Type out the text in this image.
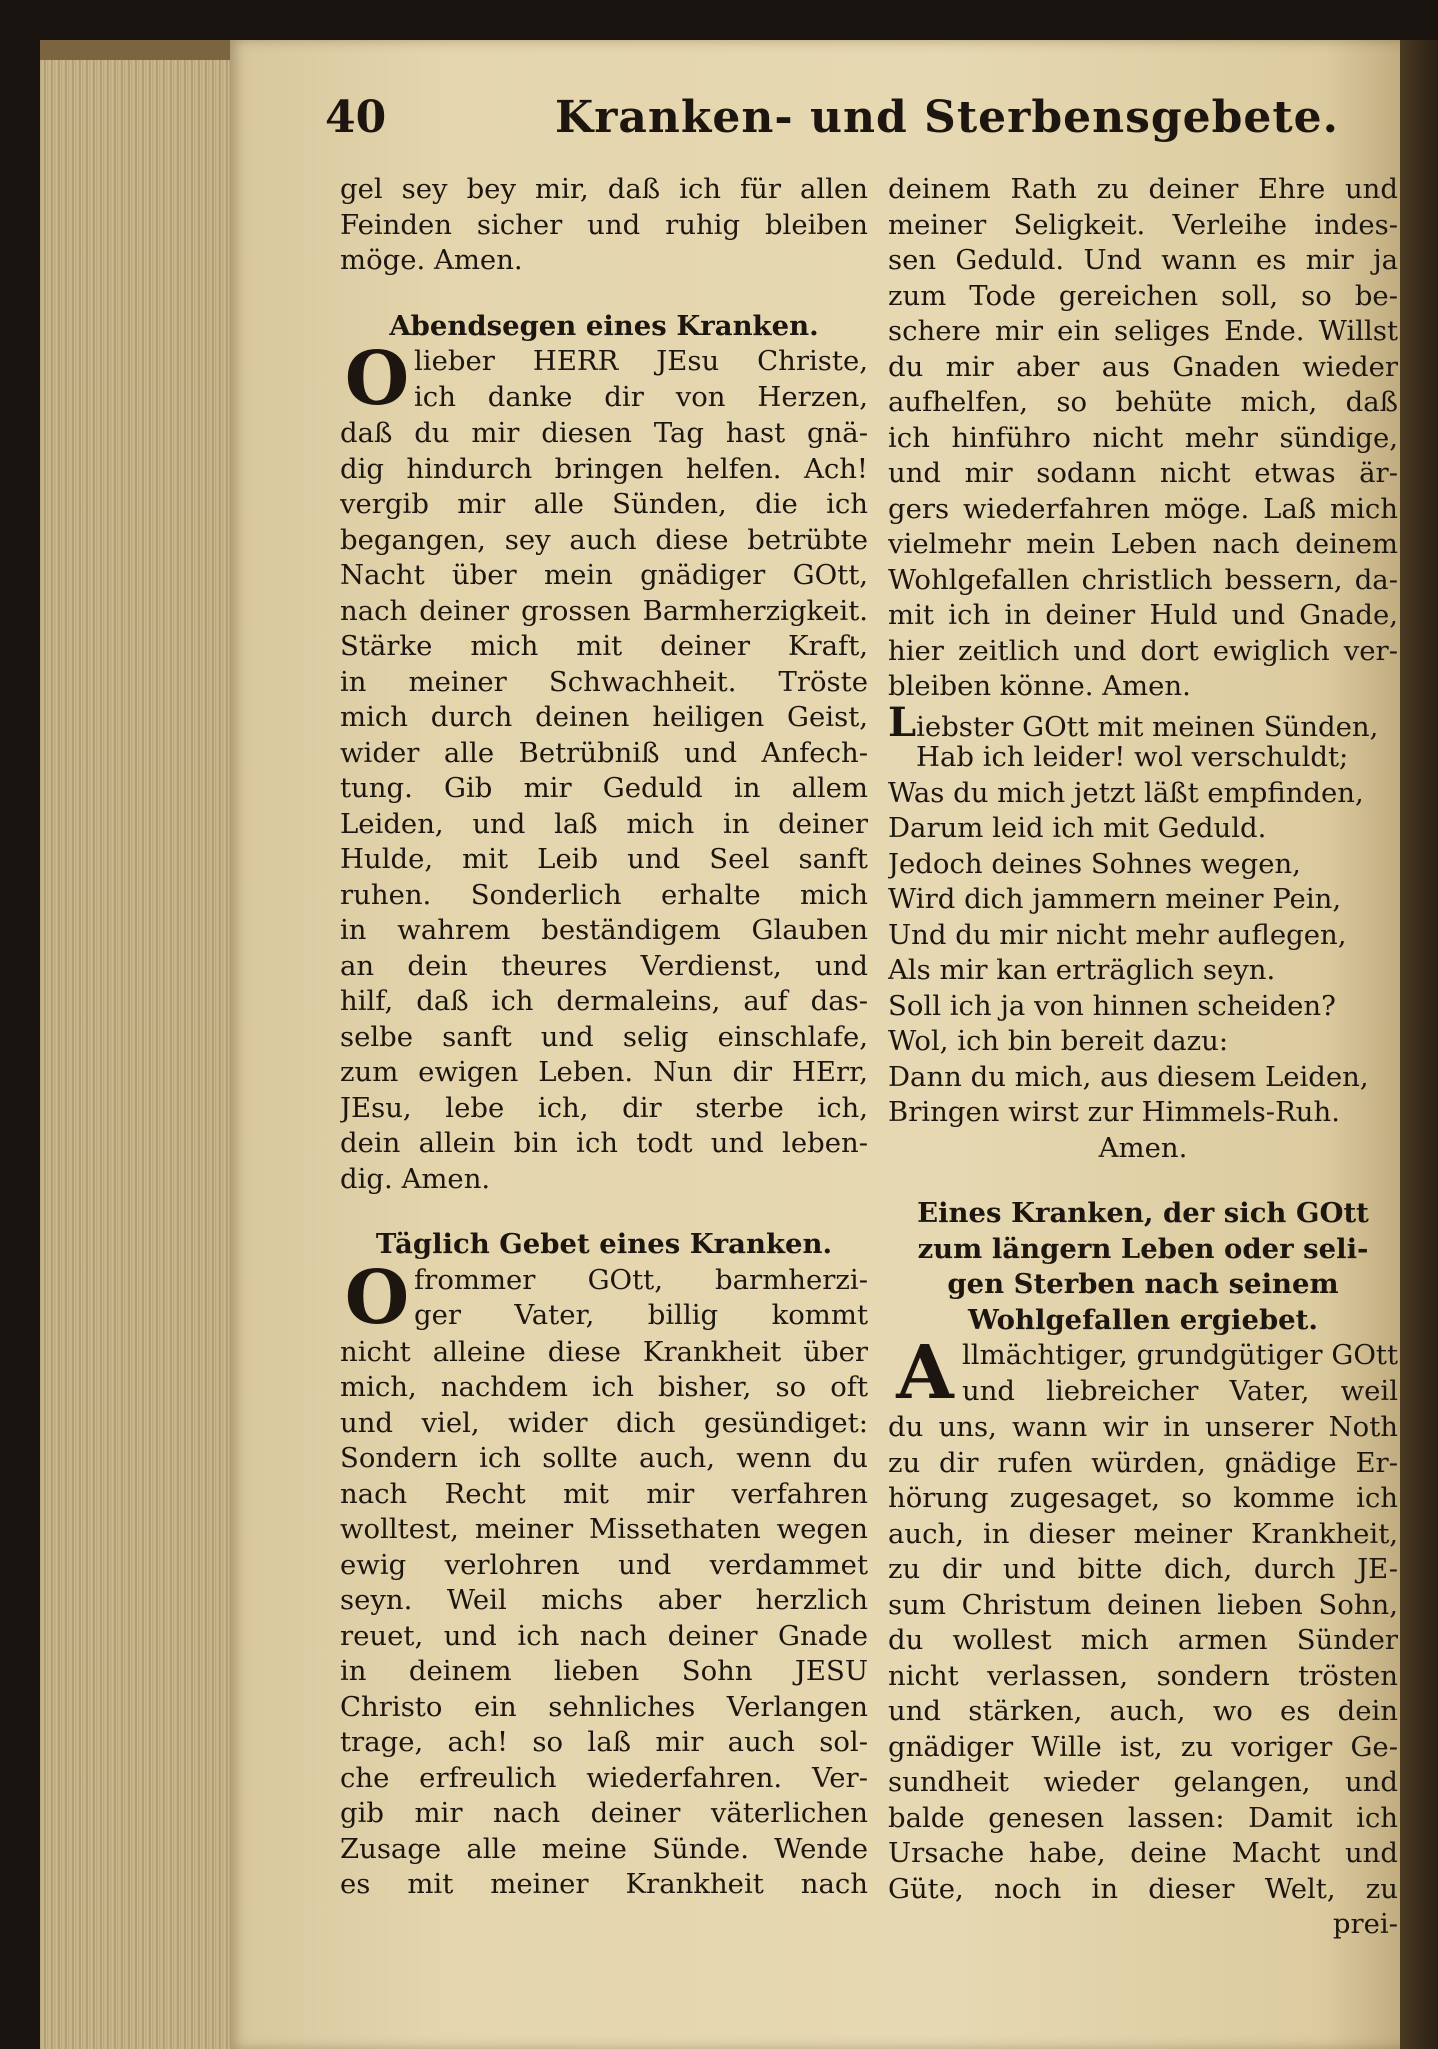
40	Kranken- und Sterbensgebete.
gel sey bey mir, daß ich für allen
Feinden sicher und ruhig bleiben
möge. Amen.
Abendsegen eines Kranken.
O lieber HERR JEsu Christe,
ich danke dir von Herzen,
daß du mir diesen Tag hast gnä-
dig hindurch bringen helfen. Ach!
vergib mir alle Sünden, die ich
begangen, sey auch diese betrübte
Nacht über mein gnädiger GOtt,
nach deiner grossen Barmherzigkeit.
Stärke mich mit deiner Kraft,
in meiner Schwachheit. Tröste
mich durch deinen heiligen Geist,
wider alle Betrübniß und Anfech-
tung. Gib mir Geduld in allem
Leiden, und laß mich in deiner
Hulde, mit Leib und Seel sanft
ruhen. Sonderlich erhalte mich
in wahrem beständigem Glauben
an dein theures Verdienst, und
hilf, daß ich dermaleins, auf das-
selbe sanft und selig einschlafe,
zum ewigen Leben. Nun dir HErr,
JEsu, lebe ich, dir sterbe ich,
dein allein bin ich todt und leben-
dig. Amen.
Täglich Gebet eines Kranken.
O frommer GOtt, barmherzi-
ger Vater, billig kommt
nicht alleine diese Krankheit über
mich, nachdem ich bisher, so oft
und viel, wider dich gesündiget:
Sondern ich sollte auch, wenn du
nach Recht mit mir verfahren
wolltest, meiner Missethaten wegen
ewig verlohren und verdammet
seyn. Weil michs aber herzlich
reuet, und ich nach deiner Gnade
in deinem lieben Sohn JESU
Christo ein sehnliches Verlangen
trage, ach! so laß mir auch sol-
che erfreulich wiederfahren. Ver-
gib mir nach deiner väterlichen
Zusage alle meine Sünde. Wende
es mit meiner Krankheit nach
deinem Rath zu deiner Ehre und
meiner Seligkeit. Verleihe indes-
sen Geduld. Und wann es mir ja
zum Tode gereichen soll, so be-
schere mir ein seliges Ende. Willst
du mir aber aus Gnaden wieder
aufhelfen, so behüte mich, daß
ich hinführo nicht mehr sündige,
und mir sodann nicht etwas är-
gers wiederfahren möge. Laß mich
vielmehr mein Leben nach deinem
Wohlgefallen christlich bessern, da-
mit ich in deiner Huld und Gnade,
hier zeitlich und dort ewiglich ver-
bleiben könne. Amen.
Liebster GOtt mit meinen Sünden,
Hab ich leider! wol verschuldt;
Was du mich jetzt läßt empfinden,
Darum leid ich mit Geduld.
Jedoch deines Sohnes wegen,
Wird dich jammern meiner Pein,
Und du mir nicht mehr auflegen,
Als mir kan erträglich seyn.
Soll ich ja von hinnen scheiden?
Wol, ich bin bereit dazu:
Dann du mich, aus diesem Leiden,
Bringen wirst zur Himmels-Ruh.
Amen.
Eines Kranken, der sich GOtt
zum längern Leben oder seli-
gen Sterben nach seinem
Wohlgefallen ergiebet.
A llmächtiger, grundgütiger GOtt
und liebreicher Vater, weil
du uns, wann wir in unserer Noth
zu dir rufen würden, gnädige Er-
hörung zugesaget, so komme ich
auch, in dieser meiner Krankheit,
zu dir und bitte dich, durch JE-
sum Christum deinen lieben Sohn,
du wollest mich armen Sünder
nicht verlassen, sondern trösten
und stärken, auch, wo es dein
gnädiger Wille ist, zu voriger Ge-
sundheit wieder gelangen, und
balde genesen lassen: Damit ich
Ursache habe, deine Macht und
Güte, noch in dieser Welt, zu
prei-
